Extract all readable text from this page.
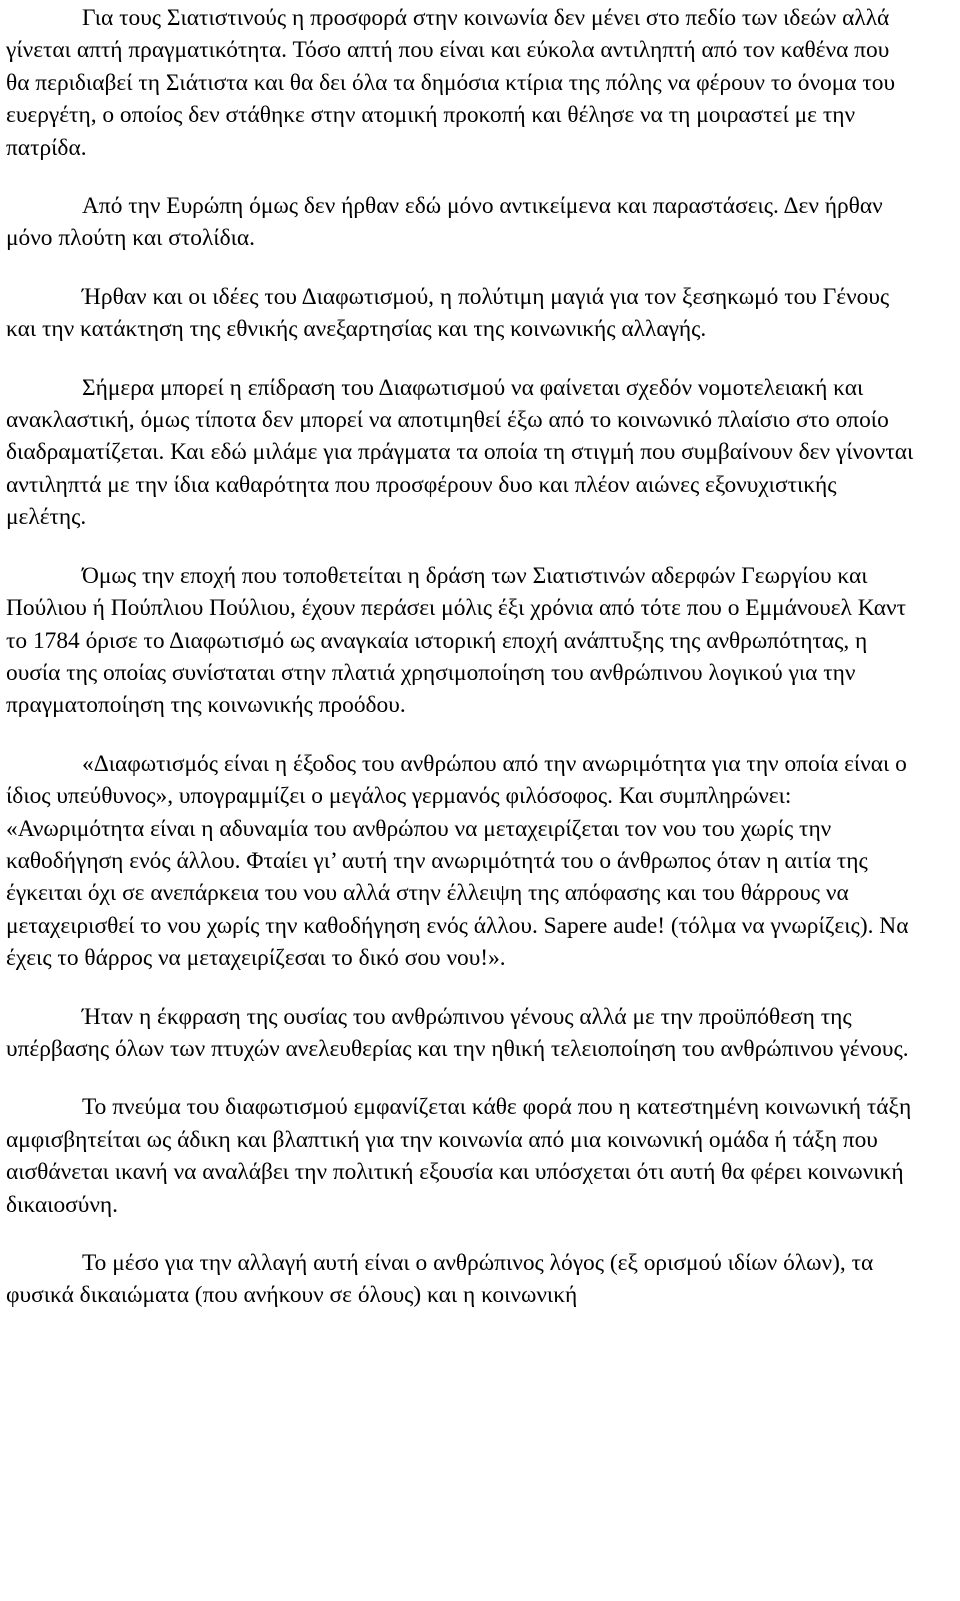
Για τους Σιατιστινούς η προσφορά στην κοινωνία δεν μένει στο πεδίο των ιδεών αλλά γίνεται απτή πραγματικότητα. Τόσο απτή που είναι και εύκολα αντιληπτή από τον καθένα που θα περιδιαβεί τη Σιάτιστα και θα δει όλα τα δημόσια κτίρια της πόλης να φέρουν το όνομα του ευεργέτη, ο οποίος δεν στάθηκε στην ατομική προκοπή και θέλησε να τη μοιραστεί με την πατρίδα.

Από την Ευρώπη όμως δεν ήρθαν εδώ μόνο αντικείμενα και παραστάσεις. Δεν ήρθαν μόνο πλούτη και στολίδια.

Ήρθαν και οι ιδέες του Διαφωτισμού, η πολύτιμη μαγιά για τον ξεσηκωμό του Γένους και την κατάκτηση της εθνικής ανεξαρτησίας και της κοινωνικής αλλαγής.

Σήμερα μπορεί η επίδραση του Διαφωτισμού να φαίνεται σχεδόν νομοτελειακή και ανακλαστική, όμως τίποτα δεν μπορεί να αποτιμηθεί έξω από το κοινωνικό πλαίσιο στο οποίο διαδραματίζεται. Και εδώ μιλάμε για πράγματα τα οποία τη στιγμή που συμβαίνουν δεν γίνονται αντιληπτά με την ίδια καθαρότητα που προσφέρουν δυο και πλέον αιώνες εξονυχιστικής μελέτης.

Όμως την εποχή που τοποθετείται η δράση των Σιατιστινών αδερφών Γεωργίου και Πούλιου ή Πούπλιου Πούλιου, έχουν περάσει μόλις έξι χρόνια από τότε που ο Εμμάνουελ Καντ το 1784 όρισε το Διαφωτισμό ως αναγκαία ιστορική εποχή ανάπτυξης της ανθρωπότητας, η ουσία της οποίας συνίσταται στην πλατιά χρησιμοποίηση του ανθρώπινου λογικού για την πραγματοποίηση της κοινωνικής προόδου.

«Διαφωτισμός είναι η έξοδος του ανθρώπου από την ανωριμότητα για την οποία είναι ο ίδιος υπεύθυνος», υπογραμμίζει ο μεγάλος γερμανός φιλόσοφος. Και συμπληρώνει: «Ανωριμότητα είναι η αδυναμία του ανθρώπου να μεταχειρίζεται τον νου του χωρίς την καθοδήγηση ενός άλλου. Φταίει γι’ αυτή την ανωριμότητά του ο άνθρωπος όταν η αιτία της έγκειται όχι σε ανεπάρκεια του νου αλλά στην έλλειψη της απόφασης και του θάρρους να μεταχειρισθεί το νου χωρίς την καθοδήγηση ενός άλλου. Sapere aude! (τόλμα να γνωρίζεις). Να έχεις το θάρρος να μεταχειρίζεσαι το δικό σου νου!».

Ήταν η έκφραση της ουσίας του ανθρώπινου γένους αλλά με την προϋπόθεση της υπέρβασης όλων των πτυχών ανελευθερίας και την ηθική τελειοποίηση του ανθρώπινου γένους.

Το πνεύμα του διαφωτισμού εμφανίζεται κάθε φορά που η κατεστημένη κοινωνική τάξη αμφισβητείται ως άδικη και βλαπτική για την κοινωνία από μια κοινωνική ομάδα ή τάξη που αισθάνεται ικανή να αναλάβει την πολιτική εξουσία και υπόσχεται ότι αυτή θα φέρει κοινωνική δικαιοσύνη.

Το μέσο για την αλλαγή αυτή είναι ο ανθρώπινος λόγος (εξ ορισμού ιδίων όλων), τα φυσικά δικαιώματα (που ανήκουν σε όλους) και η κοινωνική
